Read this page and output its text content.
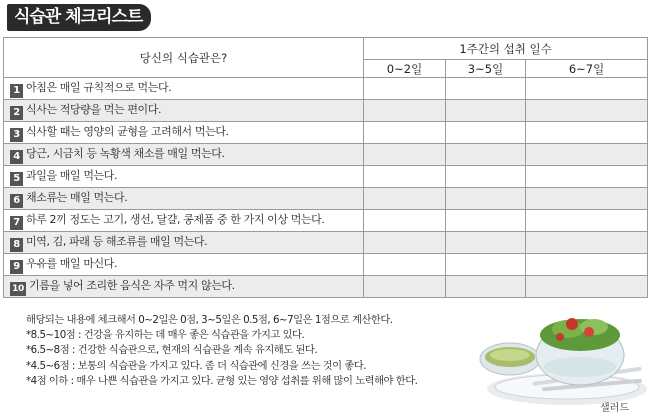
식습관 체크리스트
당신의 식습관은?	1주간의 섭취 일수		
	0~2일	3~5일	6~7일
1 아침은 매일 규칙적으로 먹는다.			
2 식사는 적당량을 먹는 편이다.			
3 식사할 때는 영양의 균형을 고려해서 먹는다.			
4 당근, 시금치 등 녹황색 채소를 매일 먹는다.			
5 과일을 매일 먹는다.			
6 채소류는 매일 먹는다.			
7 하루 2끼 정도는 고기, 생선, 달걀, 콩제품 중 한 가지 이상 먹는다.			
8 미역, 김, 파래 등 해조류를 매일 먹는다.			
9 우유를 매일 마신다.			
10 기름을 넣어 조리한 음식은 자주 먹지 않는다.			

해당되는 내용에 체크해서 0~2일은 0점, 3~5일은 0.5점, 6~7일은 1점으로 계산한다.

*8.5~10점 : 건강을 유지하는 데 매우 좋은 식습관을 가지고 있다.

*6.5~8점 : 건강한 식습관으로, 현재의 식습관을 계속 유지해도 된다.

*4.5~6점 : 보통의 식습관을 가지고 있다. 좀 더 식습관에 신경을 쓰는 것이 좋다.

*4점 이하 : 매우 나쁜 식습관을 가지고 있다. 균형 있는 영양 섭취를 위해 많이 노력해야 한다.

샐러드
